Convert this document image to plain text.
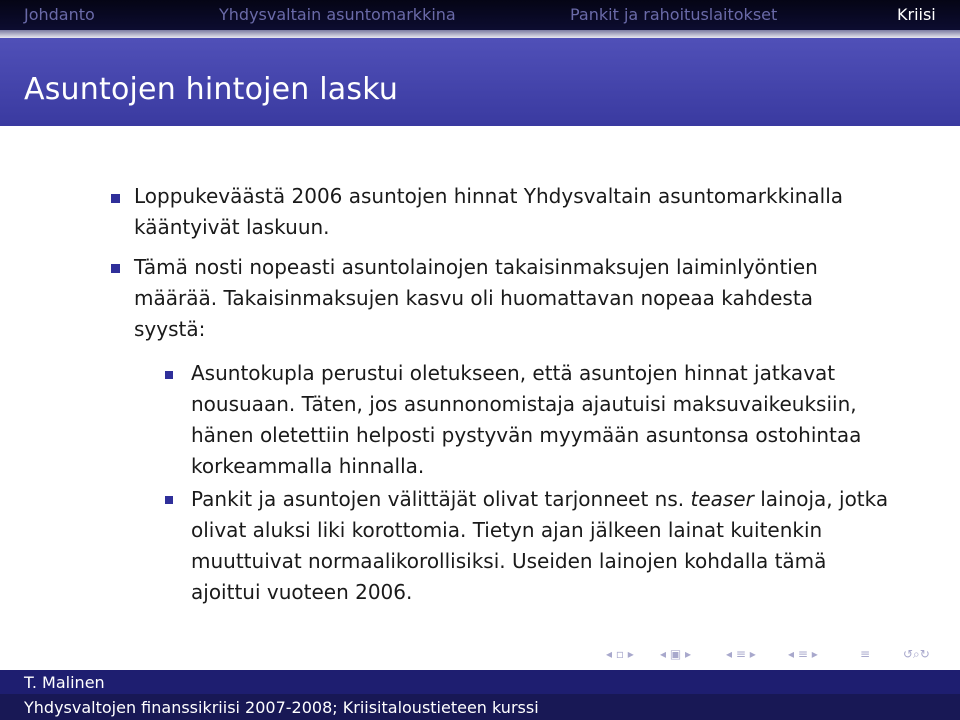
Johdanto	Yhdysvaltain asuntomarkkina	Pankit ja rahoituslaitokset	Kriisi
Asuntojen hintojen lasku
Loppukeväästä 2006 asuntojen hinnat Yhdysvaltain asuntomarkkinalla kääntyivät laskuun.
Tämä nosti nopeasti asuntolainojen takaisinmaksujen laiminlyöntien määrää. Takaisinmaksujen kasvu oli huomattavan nopeaa kahdesta syystä:
Asuntokupla perustui oletukseen, että asuntojen hinnat jatkavat nousuaan. Täten, jos asunnonomistaja ajautuisi maksuvaikeuksiin, hänen oletettiin helposti pystyvän myymään asuntonsa ostohintaa korkeammalla hinnalla.
Pankit ja asuntojen välittäjät olivat tarjonneet ns. teaser lainoja, jotka olivat aluksi liki korottomia. Tietyn ajan jälkeen lainat kuitenkin muuttuivat normaalikorollisiksi. Useiden lainojen kohdalla tämä ajoittui vuoteen 2006.
◂ ▫ ▸ ◂ ▣ ▸	◂ ≡ ▸	◂ ≡ ▸	≡	↺⌕↻
T. Malinen
Yhdysvaltojen finanssikriisi 2007-2008; Kriisitaloustieteen kurssi
